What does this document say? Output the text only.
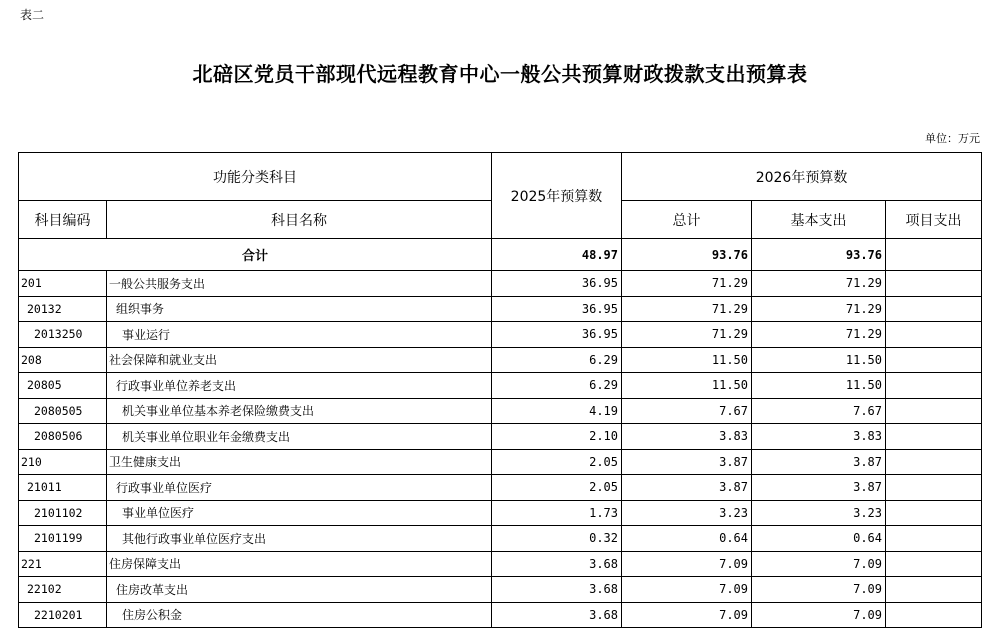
表二
北碚区党员干部现代远程教育中心一般公共预算财政拨款支出预算表
单位：万元
功能分类科目		2025年预算数	2026年预算数		
科目编码	科目名称		总计	基本支出	项目支出
合计		48.97	93.76	93.76	
201	一般公共服务支出	36.95	71.29	71.29	
20132	组织事务	36.95	71.29	71.29	
2013250	事业运行	36.95	71.29	71.29	
208	社会保障和就业支出	6.29	11.50	11.50	
20805	行政事业单位养老支出	6.29	11.50	11.50	
2080505	机关事业单位基本养老保险缴费支出	4.19	7.67	7.67	
2080506	机关事业单位职业年金缴费支出	2.10	3.83	3.83	
210	卫生健康支出	2.05	3.87	3.87	
21011	行政事业单位医疗	2.05	3.87	3.87	
2101102	事业单位医疗	1.73	3.23	3.23	
2101199	其他行政事业单位医疗支出	0.32	0.64	0.64	
221	住房保障支出	3.68	7.09	7.09	
22102	住房改革支出	3.68	7.09	7.09	
2210201	住房公积金	3.68	7.09	7.09	
